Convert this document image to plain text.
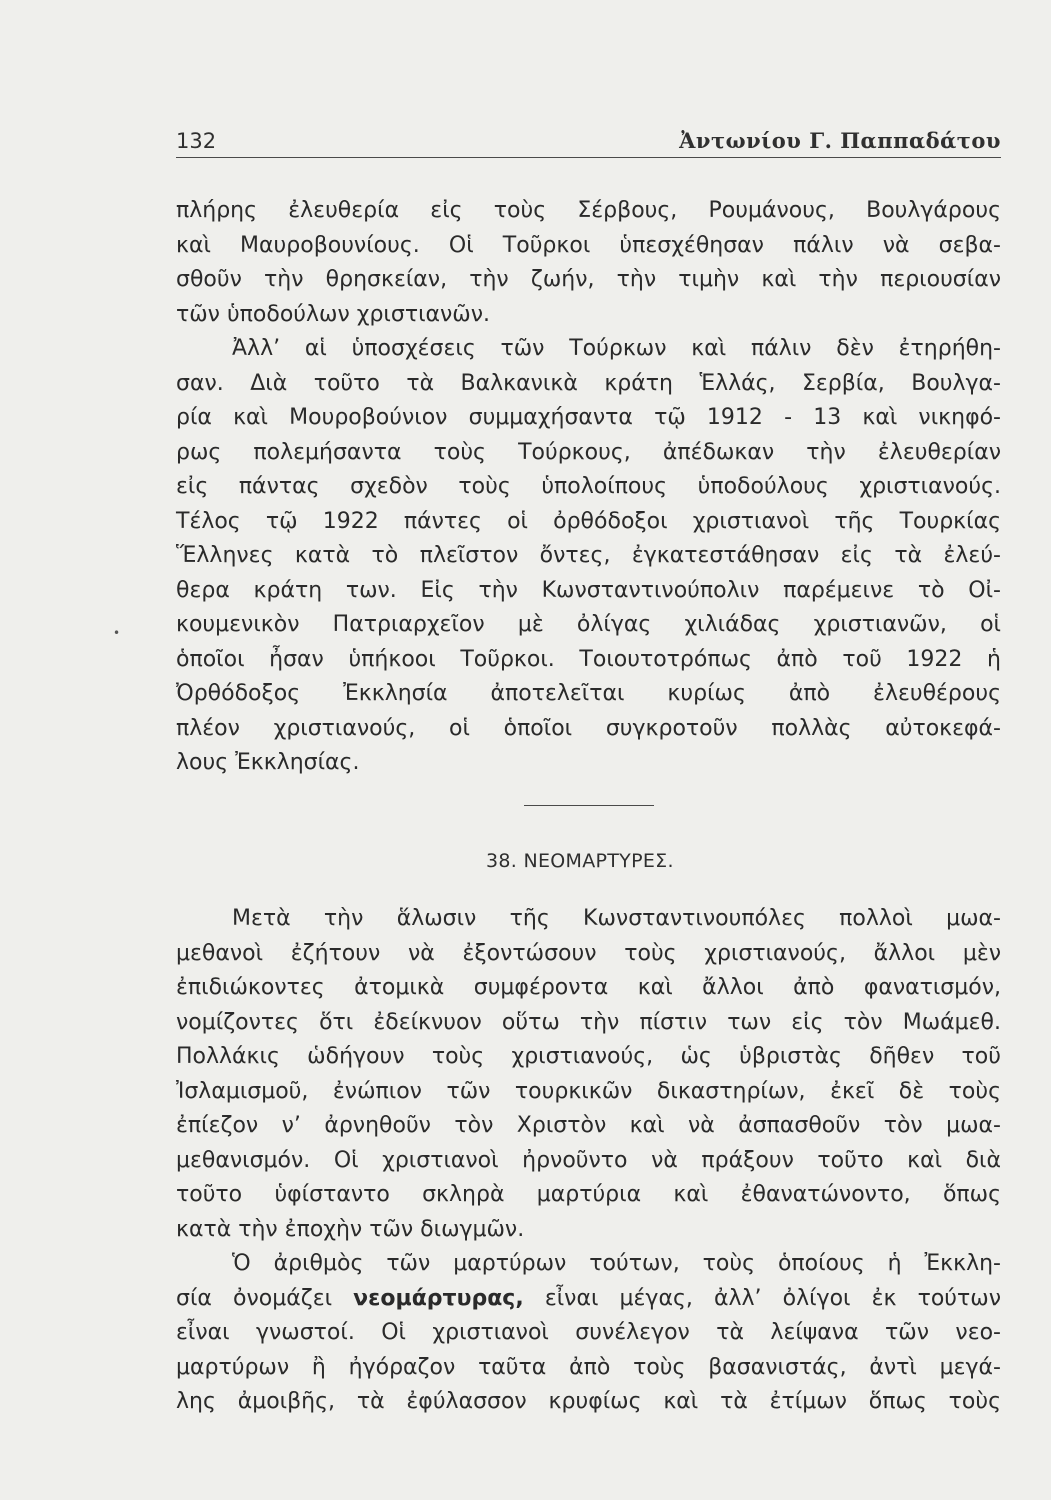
132	Ἀντωνίου Γ. Παππαδάτου
πλήρης ἐλευθερία εἰς τοὺς Σέρβους, Ρουμάνους, Βουλγάρους
καὶ Μαυροβουνίους. Οἱ Τοῦρκοι ὑπεσχέθησαν πάλιν νὰ σεβα-
σθοῦν τὴν θρησκείαν, τὴν ζωήν, τὴν τιμὴν καὶ τὴν περιουσίαν
τῶν ὑποδούλων χριστιανῶν.
Ἀλλ’ αἱ ὑποσχέσεις τῶν Τούρκων καὶ πάλιν δὲν ἐτηρήθη-
σαν. Διὰ τοῦτο τὰ Βαλκανικὰ κράτη Ἑλλάς, Σερβία, Βουλγα-
ρία καὶ Μουροβούνιον συμμαχήσαντα τῷ 1912 - 13 καὶ νικηφό-
ρως πολεμήσαντα τοὺς Τούρκους, ἀπέδωκαν τὴν ἐλευθερίαν
εἰς πάντας σχεδὸν τοὺς ὑπολοίπους ὑποδούλους χριστιανούς.
Τέλος τῷ 1922 πάντες οἱ ὀρθόδοξοι χριστιανοὶ τῆς Τουρκίας
Ἕλληνες κατὰ τὸ πλεῖστον ὄντες, ἐγκατεστάθησαν εἰς τὰ ἐλεύ-
θερα κράτη των. Εἰς τὴν Κωνσταντινούπολιν παρέμεινε τὸ Οἰ-
κουμενικὸν Πατριαρχεῖον μὲ ὀλίγας χιλιάδας χριστιανῶν, οἱ
ὁποῖοι ἦσαν ὑπήκοοι Τοῦρκοι. Τοιουτοτρόπως ἀπὸ τοῦ 1922 ἡ
Ὀρθόδοξος Ἐκκλησία ἀποτελεῖται κυρίως ἀπὸ ἐλευθέρους
πλέον χριστιανούς, οἱ ὁποῖοι συγκροτοῦν πολλὰς αὐτοκεφά-
λους Ἐκκλησίας.
•
38. ΝΕΟΜΑΡΤΥΡΕΣ.
Μετὰ τὴν ἅλωσιν τῆς Κωνσταντινουπόλες πολλοὶ μωα-
μεθανοὶ ἐζήτουν νὰ ἐξοντώσουν τοὺς χριστιανούς, ἄλλοι μὲν
ἐπιδιώκοντες ἀτομικὰ συμφέροντα καὶ ἄλλοι ἀπὸ φανατισμόν,
νομίζοντες ὅτι ἐδείκνυον οὕτω τὴν πίστιν των εἰς τὸν Μωάμεθ.
Πολλάκις ὡδήγουν τοὺς χριστιανούς, ὡς ὑβριστὰς δῆθεν τοῦ
Ἰσλαμισμοῦ, ἐνώπιον τῶν τουρκικῶν δικαστηρίων, ἐκεῖ δὲ τοὺς
ἐπίεζον ν’ ἀρνηθοῦν τὸν Χριστὸν καὶ νὰ ἀσπασθοῦν τὸν μωα-
μεθανισμόν. Οἱ χριστιανοὶ ἠρνοῦντο νὰ πράξουν τοῦτο καὶ διὰ
τοῦτο ὑφίσταντο σκληρὰ μαρτύρια καὶ ἐθανατώνοντο, ὅπως
κατὰ τὴν ἐποχὴν τῶν διωγμῶν.
Ὁ ἀριθμὸς τῶν μαρτύρων τούτων, τοὺς ὁποίους ἡ Ἐκκλη-
σία ὀνομάζει νεομάρτυρας, εἶναι μέγας, ἀλλ’ ὀλίγοι ἐκ τούτων
εἶναι γνωστοί. Οἱ χριστιανοὶ συνέλεγον τὰ λείψανα τῶν νεο-
μαρτύρων ἢ ἠγόραζον ταῦτα ἀπὸ τοὺς βασανιστάς, ἀντὶ μεγά-
λης ἀμοιβῆς, τὰ ἐφύλασσον κρυφίως καὶ τὰ ἐτίμων ὅπως τοὺς
